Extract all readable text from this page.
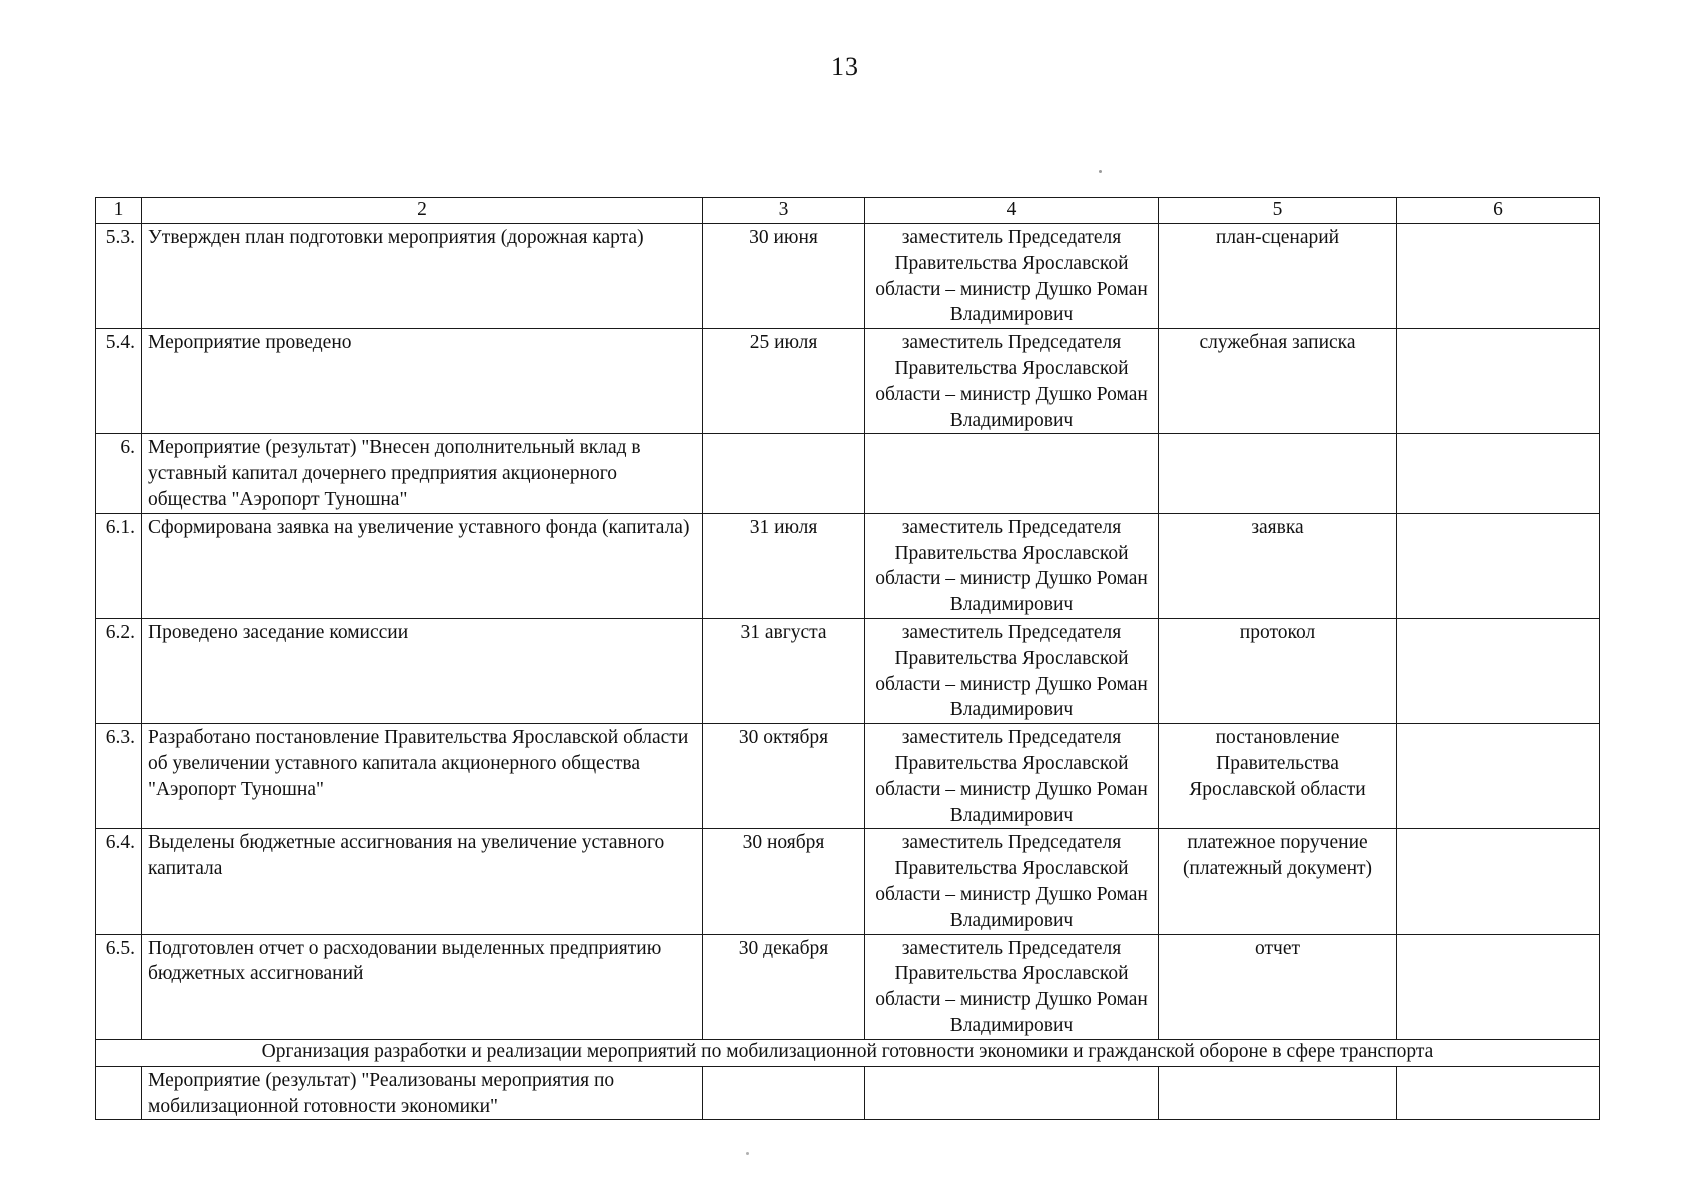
13
1	2	3	4	5	6
5.3.	Утвержден план подготовки мероприятия (дорожная карта)	30 июня	заместитель Председателя Правительства Ярославской области – министр Душко Роман Владимирович	план-сценарий	
5.4.	Мероприятие проведено	25 июля	заместитель Председателя Правительства Ярославской области – министр Душко Роман Владимирович	служебная записка	
6.	Мероприятие (результат) "Внесен дополнительный вклад в уставный капитал дочернего предприятия акционерного общества "Аэропорт Туношна"				
6.1.	Сформирована заявка на увеличение уставного фонда (капитала)	31 июля	заместитель Председателя Правительства Ярославской области – министр Душко Роман Владимирович	заявка	
6.2.	Проведено заседание комиссии	31 августа	заместитель Председателя Правительства Ярославской области – министр Душко Роман Владимирович	протокол	
6.3.	Разработано постановление Правительства Ярославской области об увеличении уставного капитала акционерного общества "Аэропорт Туношна"	30 октября	заместитель Председателя Правительства Ярославской области – министр Душко Роман Владимирович	постановление Правительства Ярославской области	
6.4.	Выделены бюджетные ассигнования на увеличение уставного капитала	30 ноября	заместитель Председателя Правительства Ярославской области – министр Душко Роман Владимирович	платежное поручение (платежный документ)	
6.5.	Подготовлен отчет о расходовании выделенных предприятию бюджетных ассигнований	30 декабря	заместитель Председателя Правительства Ярославской области – министр Душко Роман Владимирович	отчет	
Организация разработки и реализации мероприятий по мобилизационной готовности экономики и гражданской обороне в сфере транспорта					
	Мероприятие (результат) "Реализованы мероприятия по мобилизационной готовности экономики"				
